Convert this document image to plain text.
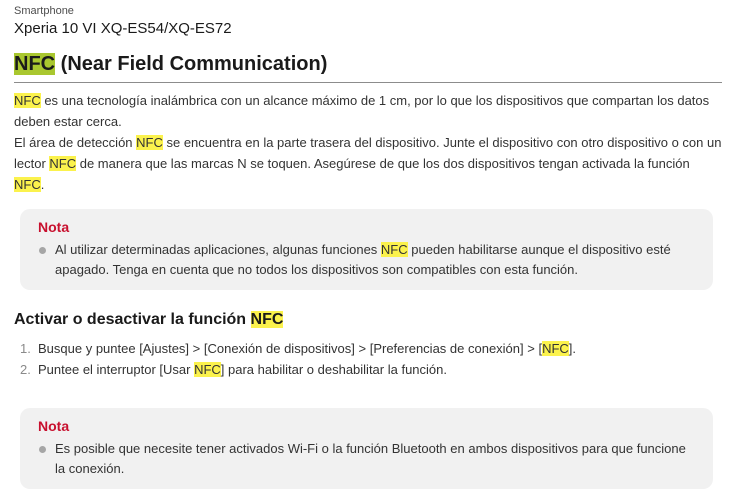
Smartphone
Xperia 10 VI XQ-ES54/XQ-ES72
NFC (Near Field Communication)

NFC es una tecnología inalámbrica con un alcance máximo de 1 cm, por lo que los dispositivos que compartan los datos deben estar cerca.

El área de detección NFC se encuentra en la parte trasera del dispositivo. Junte el dispositivo con otro dispositivo o con un lector NFC de manera que las marcas N se toquen. Asegúrese de que los dos dispositivos tengan activada la función NFC.

Nota
Al utilizar determinadas aplicaciones, algunas funciones NFC pueden habilitarse aunque el dispositivo esté apagado. Tenga en cuenta que no todos los dispositivos son compatibles con esta función.
Activar o desactivar la función NFC
Busque y puntee [Ajustes] > [Conexión de dispositivos] > [Preferencias de conexión] > [NFC].
Puntee el interruptor [Usar NFC] para habilitar o deshabilitar la función.
Nota
Es posible que necesite tener activados Wi-Fi o la función Bluetooth en ambos dispositivos para que funcione la conexión.
